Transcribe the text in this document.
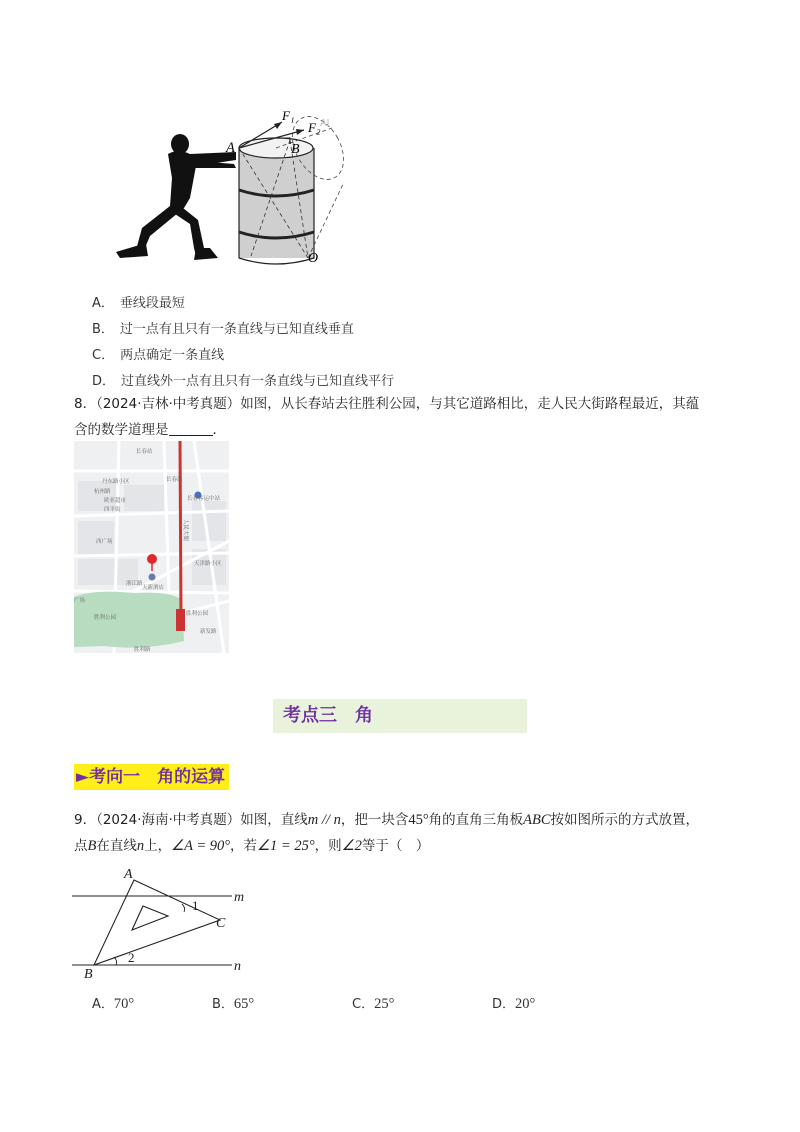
A	B
F₁
F₂ AI
O
A． 垂线段最短
B． 过一点有且只有一条直线与已知直线垂直
C． 两点确定一条直线
D． 过直线外一点有且只有一条直线与已知直线平行
8．（2024·吉林·中考真题）如图，从长春站去往胜利公园，与其它道路相比，走人民大街路程最近，其蕴
含的数学道理是	．
长春站
长春站
丹东路小区
杭州路
欧亚超市
四平街
长春客运中站
西广场
天津路小区
浙江路
天新酒店
广场
胜利公园
胜利公园
新发路
胜利路
人民大街
考点三　角
►考向一　角的运算
9．（2024·海南·中考真题）如图，直线m // n，把一块含45°角的直角三角板ABC按如图所示的方式放置，
点B在直线n上，∠A = 90°，若∠1 = 25°，则∠2等于（　）
A
B
C
m
n
1
2
A．70°	B．65°	C．25°	D．20°
